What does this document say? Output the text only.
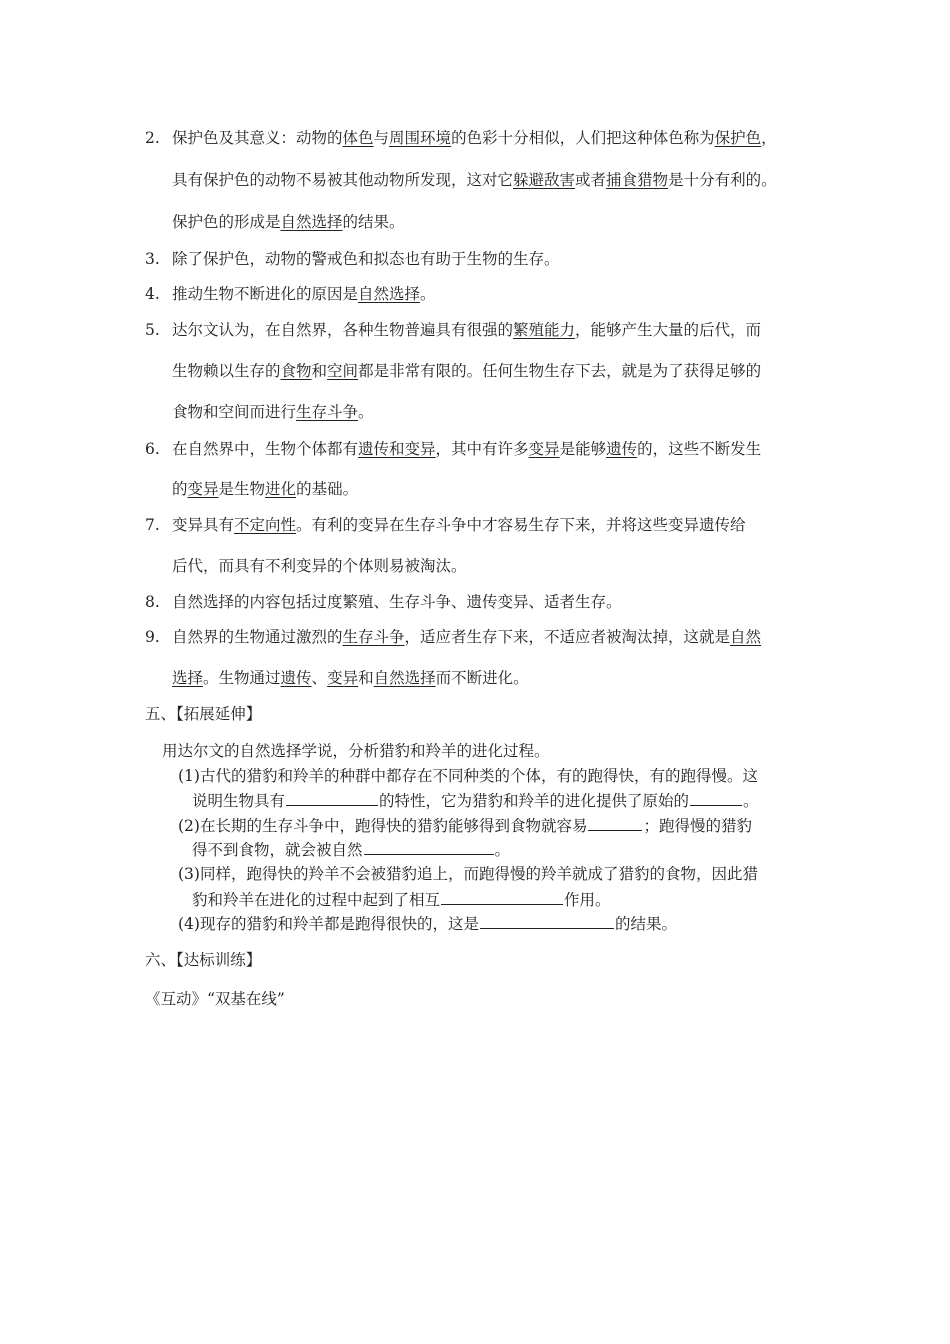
2. 保护色及其意义：动物的体色与周围环境的色彩十分相似，人们把这种体色称为保护色，
具有保护色的动物不易被其他动物所发现，这对它躲避敌害或者捕食猎物是十分有利的。
保护色的形成是自然选择的结果。
3. 除了保护色，动物的警戒色和拟态也有助于生物的生存。
4. 推动生物不断进化的原因是自然选择。
5. 达尔文认为，在自然界，各种生物普遍具有很强的繁殖能力，能够产生大量的后代，而
生物赖以生存的食物和空间都是非常有限的。任何生物生存下去，就是为了获得足够的
食物和空间而进行生存斗争。
6. 在自然界中，生物个体都有遗传和变异，其中有许多变异是能够遗传的，这些不断发生
的变异是生物进化的基础。
7. 变异具有不定向性。有利的变异在生存斗争中才容易生存下来，并将这些变异遗传给
后代，而具有不利变异的个体则易被淘汰。
8. 自然选择的内容包括过度繁殖、生存斗争、遗传变异、适者生存。
9. 自然界的生物通过激烈的生存斗争，适应者生存下来，不适应者被淘汰掉，这就是自然
选择。生物通过遗传、变异和自然选择而不断进化。
五、【拓展延伸】
用达尔文的自然选择学说，分析猎豹和羚羊的进化过程。
(1)古代的猎豹和羚羊的种群中都存在不同种类的个体，有的跑得快，有的跑得慢。这
说明生物具有	的特性，它为猎豹和羚羊的进化提供了原始的	。
(2)在长期的生存斗争中，跑得快的猎豹能够得到食物就容易	；跑得慢的猎豹
得不到食物，就会被自然	。
(3)同样，跑得快的羚羊不会被猎豹追上，而跑得慢的羚羊就成了猎豹的食物，因此猎
豹和羚羊在进化的过程中起到了相互	作用。
(4)现存的猎豹和羚羊都是跑得很快的，这是	的结果。
六、【达标训练】
《互动》“双基在线”
